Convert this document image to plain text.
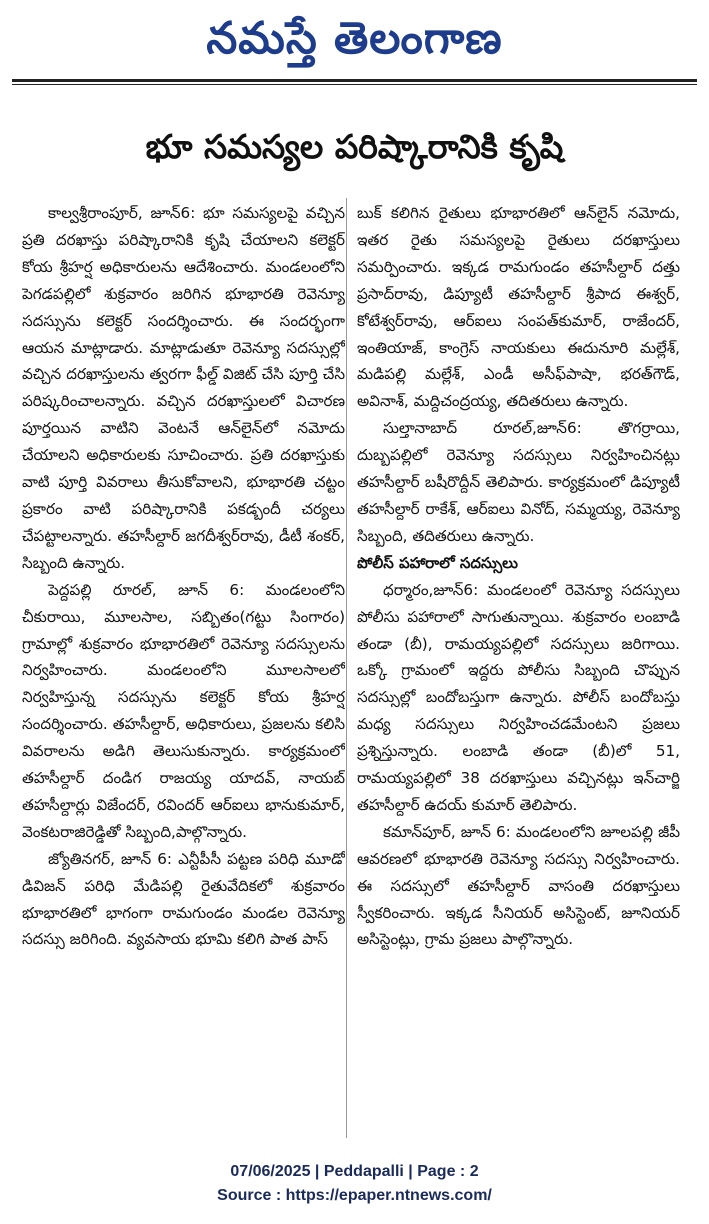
నమస్తే తెలంగాణ
భూ సమస్యల పరిష్కారానికి కృషి

కాల్వశ్రీరాంపూర్, జూన్6: భూ సమస్యలపై వచ్చిన ప్రతి దరఖాస్తు పరిష్కారానికి కృషి చేయాలని కలెక్టర్ కోయ శ్రీహర్ష అధికారులను ఆదేశించారు. మండలంలోని పెగడపల్లిలో శుక్రవారం జరిగిన భూభారతి రెవెన్యూ సదస్సును కలెక్టర్ సందర్శించారు. ఈ సందర్భంగా ఆయన మాట్లాడారు. మాట్లాడుతూ రెవెన్యూ సదస్సుల్లో వచ్చిన దరఖాస్తులను త్వరగా ఫీల్డ్ విజిట్ చేసి పూర్తి చేసి పరిష్కరించాలన్నారు. వచ్చిన దరఖాస్తులలో విచారణ పూర్తయిన వాటిని వెంటనే ఆన్‌లైన్‌లో నమోదు చేయాలని అధికారులకు సూచించారు. ప్రతి దరఖాస్తుకు వాటి పూర్తి వివరాలు తీసుకోవాలని, భూభారతి చట్టం ప్రకారం వాటి పరిష్కారానికి పకడ్బందీ చర్యలు చేపట్టాలన్నారు. తహసీల్దార్ జగదీశ్వర్‌రావు, డీటీ శంకర్, సిబ్బంది ఉన్నారు.

పెద్దపల్లి రూరల్, జూన్ 6: మండలంలోని చీకురాయి, మూలసాల, సబ్బితం(గట్టు సింగారం) గ్రామాల్లో శుక్రవారం భూభారతిలో రెవెన్యూ సదస్సులను నిర్వహించారు. మండలంలోని మూలసాలలో నిర్వహిస్తున్న సదస్సును కలెక్టర్ కోయ శ్రీహర్ష సందర్శించారు. తహసీల్దార్, అధికారులు, ప్రజలను కలిసి వివరాలను అడిగి తెలుసుకున్నారు. కార్యక్రమంలో తహసీల్దార్ దండిగ రాజయ్య యాదవ్, నాయబ్ తహసీల్దార్లు విజేందర్, రవిందర్ ఆర్ఐలు భానుకుమార్, వెంకటరాజిరెడ్డితో సిబ్బంది,పాల్గొన్నారు.

జ్యోతినగర్, జూన్ 6: ఎన్టీపీసీ పట్టణ పరిధి మూడో డివిజన్ పరిధి మేడిపల్లి రైతువేదికలో శుక్రవారం భూభారతిలో భాగంగా రామగుండం మండల రెవెన్యూ సదస్సు జరిగింది. వ్యవసాయ భూమి కలిగి పాత పాస్

బుక్ కలిగిన రైతులు భూభారతిలో ఆన్‌లైన్ నమోదు, ఇతర రైతు సమస్యలపై రైతులు దరఖాస్తులు సమర్పించారు. ఇక్కడ రామగుండం తహసీల్దార్ దత్తు ప్రసాద్‌రావు, డిప్యూటీ తహసీల్దార్ శ్రీపాద ఈశ్వర్, కోటేశ్వర్‌రావు, ఆర్ఐలు సంపత్‌కుమార్, రాజేందర్, ఇంతియాజ్, కాంగ్రెస్ నాయకులు ఈదునూరి మల్లేశ్, మడిపల్లి మల్లేశ్, ఎండీ అసీఫ్‌పాషా, భరత్‌గౌడ్, అవినాశ్, మద్దిచంద్రయ్య, తదితరులు ఉన్నారు.

సుల్తానాబాద్ రూరల్,జూన్6: తొగర్రాయి, దుబ్బపల్లిలో రెవెన్యూ సదస్సులు నిర్వహించినట్లు తహసీల్దార్ బషీరొద్దీన్ తెలిపారు. కార్యక్రమంలో డిప్యూటీ తహసీల్దార్ రాకేశ్, ఆర్ఐలు వినోద్, సమ్మయ్య, రెవెన్యూ సిబ్బంది, తదితరులు ఉన్నారు.

పోలీస్ పహారాలో సదస్సులు

ధర్మారం,జూన్6: మండలంలో రెవెన్యూ సదస్సులు పోలీసు పహారాలో సాగుతున్నాయి. శుక్రవారం లంబాడి తండా (బీ), రామయ్యపల్లిలో సదస్సులు జరిగాయి. ఒక్కో గ్రామంలో ఇద్దరు పోలీసు సిబ్బంది చొప్పున సదస్సుల్లో బందోబస్తుగా ఉన్నారు. పోలీస్ బందోబస్తు మధ్య సదస్సులు నిర్వహించడమేంటని ప్రజలు ప్రశ్నిస్తున్నారు. లంబాడి తండా (బీ)లో 51, రామయ్యపల్లిలో 38 దరఖాస్తులు వచ్చినట్లు ఇన్‌చార్జి తహసీల్దార్ ఉదయ్ కుమార్ తెలిపారు.

కమాన్‌పూర్, జూన్ 6: మండలంలోని జూలపల్లి జీపీ ఆవరణలో భూభారతి రెవెన్యూ సదస్సు నిర్వహించారు. ఈ సదస్సులో తహసీల్దార్ వాసంతి దరఖాస్తులు స్వీకరించారు. ఇక్కడ సీనియర్ అసిస్టెంట్, జూనియర్ అసిస్టెంట్లు, గ్రామ ప్రజలు పాల్గొన్నారు.

07/06/2025 | Peddapalli | Page : 2
Source : https://epaper.ntnews.com/
